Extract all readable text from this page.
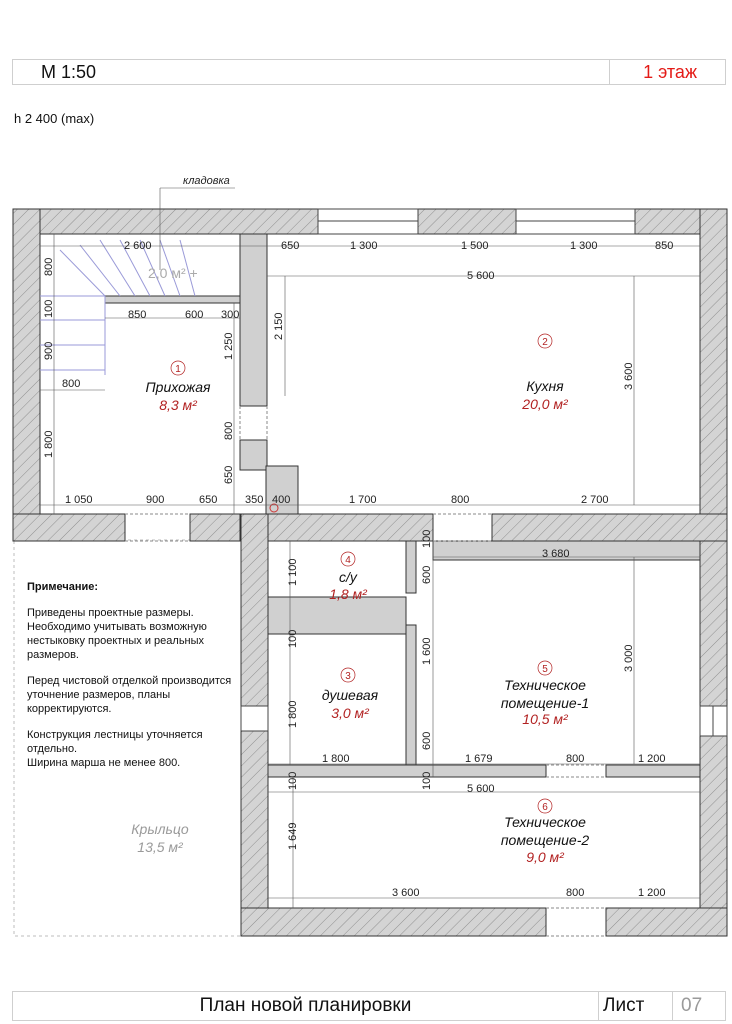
М 1:50	1 этаж
h 2 400 (max)
кладовка
2,0 м² +
2 600	650	1 300	1 500	1 300	850
5 600
850	600 300
800
1 050	900	650	350 400	1 700	800	2 700
3 680
1 800	1 679	800	1 200
5 600
3 600	800	1 200
800
100
900
1 800
1 250
800
650
2 150
3 600
3 000
1 600
1 100
100
1 800
100
100
600
600
100
1 649
1
Прихожая
8,3 м²
2
Кухня
20,0 м²
4
с/у
1,8 м²
3
душевая
3,0 м²
5
Техническое
помещение-1
10,5 м²
6
Техническое
помещение-2
9,0 м²
Крыльцо
13,5 м²
Примечание:

Приведены проектные размеры. Необходимо учитывать возможную нестыковку проектных и реальных размеров.

Перед чистовой отделкой производится уточнение размеров, планы корректируются.

Конструкция лестницы уточняется отдельно.

Ширина марша не менее 800.

План новой планировки	Лист 07
